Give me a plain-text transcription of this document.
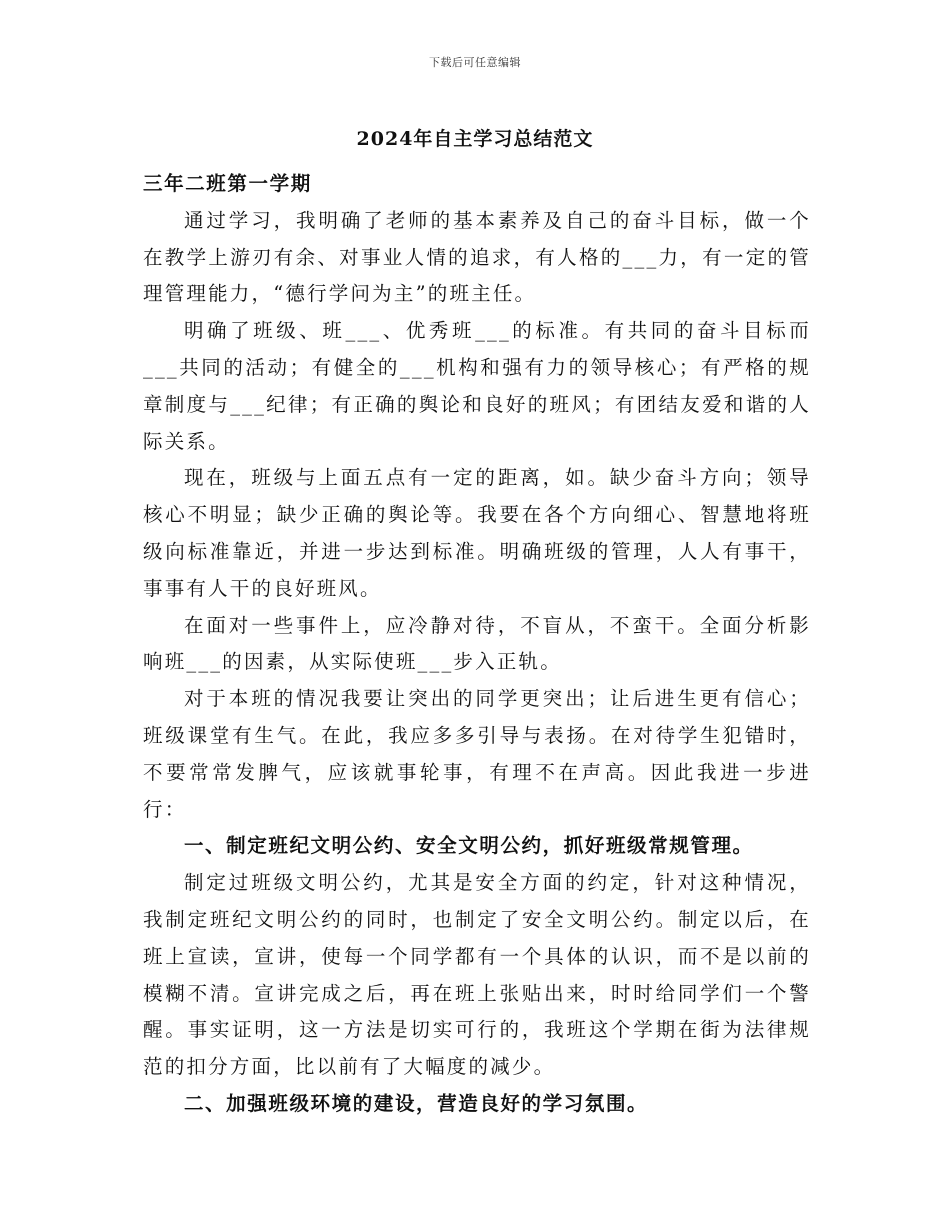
下载后可任意编辑
2024年自主学习总结范文

三年二班第一学期

通过学习，我明确了老师的基本素养及自己的奋斗目标，做一个在教学上游刃有余、对事业人情的追求，有人格的___力，有一定的管理管理能力，“德行学问为主”的班主任。

明确了班级、班___、优秀班___的标准。有共同的奋斗目标而___共同的活动；有健全的___机构和强有力的领导核心；有严格的规章制度与___纪律；有正确的舆论和良好的班风；有团结友爱和谐的人际关系。

现在，班级与上面五点有一定的距离，如。缺少奋斗方向；领导核心不明显；缺少正确的舆论等。我要在各个方向细心、智慧地将班级向标准靠近，并进一步达到标准。明确班级的管理，人人有事干，事事有人干的良好班风。

在面对一些事件上，应冷静对待，不盲从，不蛮干。全面分析影响班___的因素，从实际使班___步入正轨。

对于本班的情况我要让突出的同学更突出；让后进生更有信心；班级课堂有生气。在此，我应多多引导与表扬。在对待学生犯错时，不要常常发脾气，应该就事轮事，有理不在声高。因此我进一步进行：

一、制定班纪文明公约、安全文明公约，抓好班级常规管理。

制定过班级文明公约，尤其是安全方面的约定，针对这种情况，我制定班纪文明公约的同时，也制定了安全文明公约。制定以后，在班上宣读，宣讲，使每一个同学都有一个具体的认识，而不是以前的模糊不清。宣讲完成之后，再在班上张贴出来，时时给同学们一个警醒。事实证明，这一方法是切实可行的，我班这个学期在街为法律规范的扣分方面，比以前有了大幅度的减少。

二、加强班级环境的建设，营造良好的学习氛围。
